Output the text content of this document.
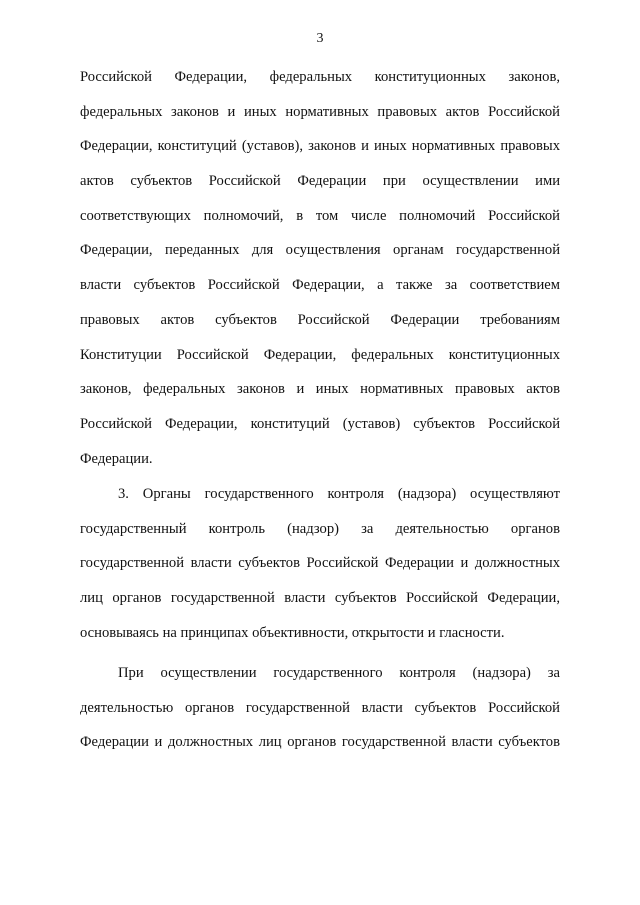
3
Российской Федерации, федеральных конституционных законов,
федеральных законов и иных нормативных правовых актов Российской
Федерации, конституций (уставов), законов и иных нормативных правовых
актов субъектов Российской Федерации при осуществлении ими
соответствующих полномочий, в том числе полномочий Российской
Федерации, переданных для осуществления органам государственной
власти субъектов Российской Федерации, а также за соответствием
правовых актов субъектов Российской Федерации требованиям
Конституции Российской Федерации, федеральных конституционных
законов, федеральных законов и иных нормативных правовых актов
Российской Федерации, конституций (уставов) субъектов Российской
Федерации.
3. Органы государственного контроля (надзора) осуществляют
государственный контроль (надзор) за деятельностью органов
государственной власти субъектов Российской Федерации и должностных
лиц органов государственной власти субъектов Российской Федерации,
основываясь на принципах объективности, открытости и гласности.
При осуществлении государственного контроля (надзора) за
деятельностью органов государственной власти субъектов Российской
Федерации и должностных лиц органов государственной власти субъектов
